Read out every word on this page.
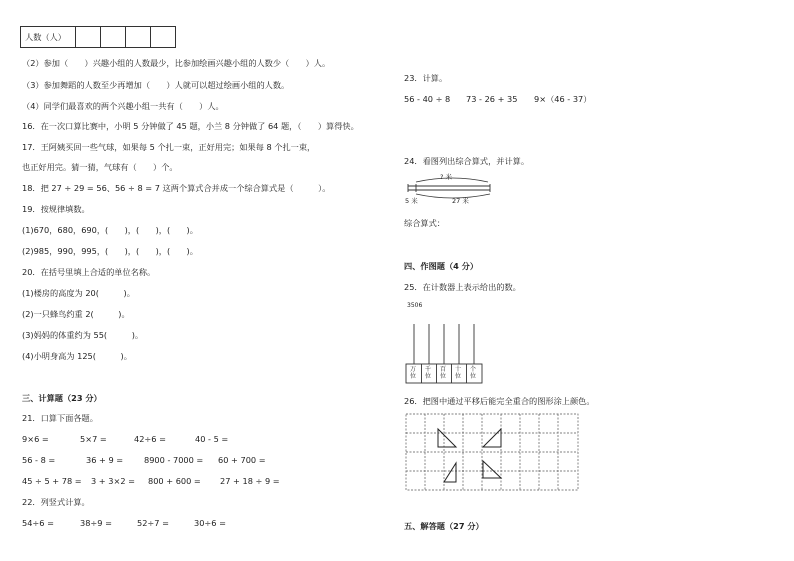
人数（人）				
（2）参加（　　）兴趣小组的人数最少，比参加绘画兴趣小组的人数少（　　）人。
（3）参加舞蹈的人数至少再增加（　　）人就可以超过绘画小组的人数。
（4）同学们最喜欢的两个兴趣小组一共有（　　）人。
16．在一次口算比赛中，小明 5 分钟做了 45 题，小兰 8 分钟做了 64 题，（　　）算得快。
17．王阿姨买回一些气球，如果每 5 个扎一束，正好用完；如果每 8 个扎一束，
也正好用完。猜一猜，气球有（　　）个。
18．把 27 ÷ 29 = 56、56 ÷ 8 = 7 这两个算式合并成一个综合算式是（　　　）。
19．按规律填数。
(1)670，680，690，(　　)，(　　)，(　　)。
(2)985，990，995，(　　)，(　　)，(　　)。
20．在括号里填上合适的单位名称。
(1)楼房的高度为 20(　　　)。
(2)一只蜂鸟约重 2(　　　)。
(3)妈妈的体重约为 55(　　　)。
(4)小明身高为 125(　　　)。
三、计算题（23 分）
21．口算下面各题。
9×6 =	5×7 =	42÷6 =	40 - 5 =
56 - 8 =	36 + 9 =	8900 - 7000 = 60 + 700 =
45 ÷ 5 + 78 = 3 + 3×2 = 800 + 600 = 27 + 18 ÷ 9 =
22．列竖式计算。
54÷6 =	38÷9 =	52÷7 =	30÷6 =
23．计算。
56 - 40 ÷ 8 73 - 26 + 35 9×（46 - 37）
24．看图列出综合算式，并计算。
? 米
5 米	27 米
综合算式：
四、作图题（4 分）
25．在计数器上表示给出的数。
3506
万位
千位
百位
十位
个位
26．把图中通过平移后能完全重合的图形涂上颜色。
五、解答题（27 分）
